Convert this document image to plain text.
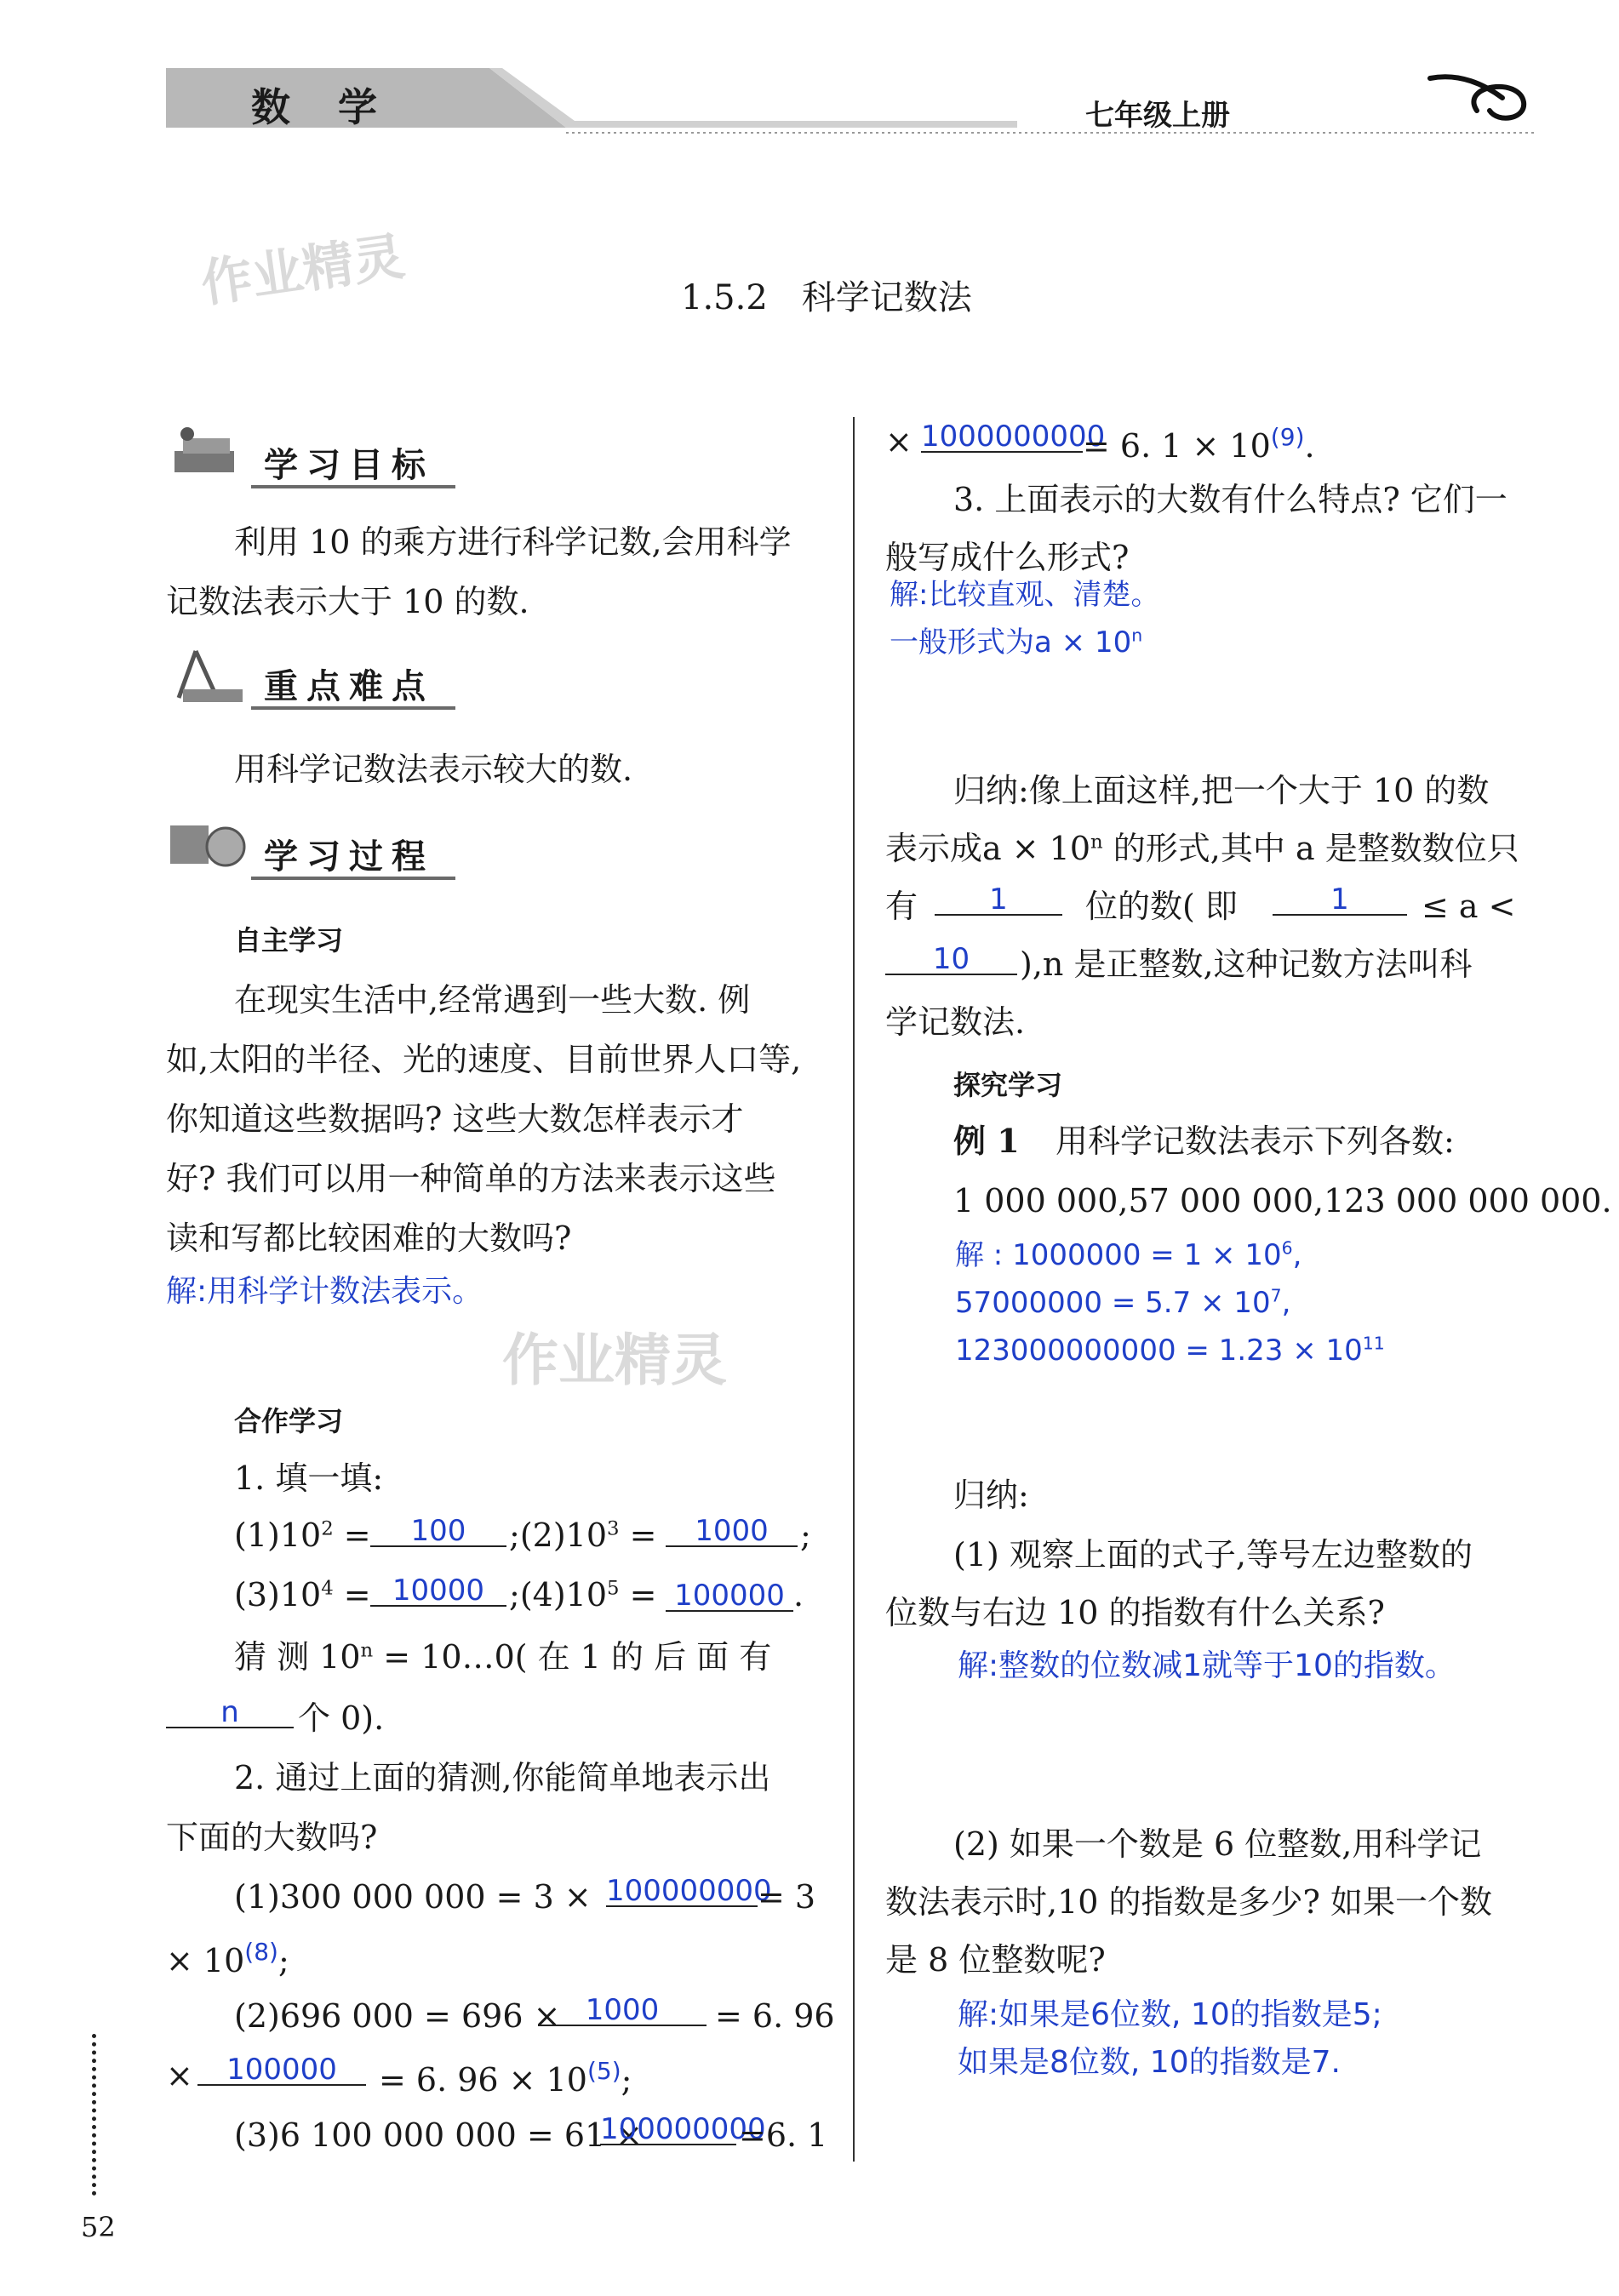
数 学	七年级上册
作业精灵
作业精灵
1.5.2　科学记数法
学习目标
利用 10 的乘方进行科学记数,会用科学
记数法表示大于 10 的数.
重点难点
用科学记数法表示较大的数.
学习过程
自主学习
在现实生活中,经常遇到一些大数. 例
如,太阳的半径、光的速度、目前世界人口等,
你知道这些数据吗? 这些大数怎样表示才
好? 我们可以用一种简单的方法来表示这些
读和写都比较困难的大数吗?
解:用科学计数法表示。
合作学习
1. 填一填:
$(1)10^2$ =	100	$;(2)10^3$ =	1000 ;
$(3)10^4 = 10000$ $;(4)10^5 = 100000$ .
猜 测 $10^n$ = 10…0( 在 1 的 后 面 有
n	个 0).
2. 通过上面的猜测,你能简单地表示出
下面的大数吗?
(1)300 000 000 = 3 × 100000000
= 3
× $10^{(8)}$;
(2)696 000 = 696 × 1000	= 6. 96
×	100000	= 6. $96 \times 10^{(5)}$;
(3)6 100 000 000 = 61 ×
100000000
=6. 1
52
× 1000000000
= 6. $1 \times 10^{(9)}$.
3. 上面表示的大数有什么特点? 它们一
般写成什么形式?
解:比较直观、清楚。
一般形式为$a \times 10^n$
归纳:像上面这样,把一个大于 10 的数
表示成$a \times 10^n$ 的形式,其中 a 是整数数位只
有	1	位的数( 即	1	≤ a <
10	),n 是正整数,这种记数方法叫科
学记数法.
探究学习
例 1 用科学记数法表示下列各数:
1 000 000,57 000 000,123 000 000 000.
解 : $1000000 = 1 \times 10^6$,
$57000000 = 5.7 \times 10^7$,
$123000000000 = 1.23 \times 10^{11}$
归纳:
(1) 观察上面的式子,等号左边整数的
位数与右边 10 的指数有什么关系?
解:整数的位数减1就等于10的指数。
(2) 如果一个数是 6 位整数,用科学记
数法表示时,10 的指数是多少? 如果一个数
是 8 位整数呢?
解:如果是6位数, 10的指数是5;
如果是8位数, 10的指数是7.
